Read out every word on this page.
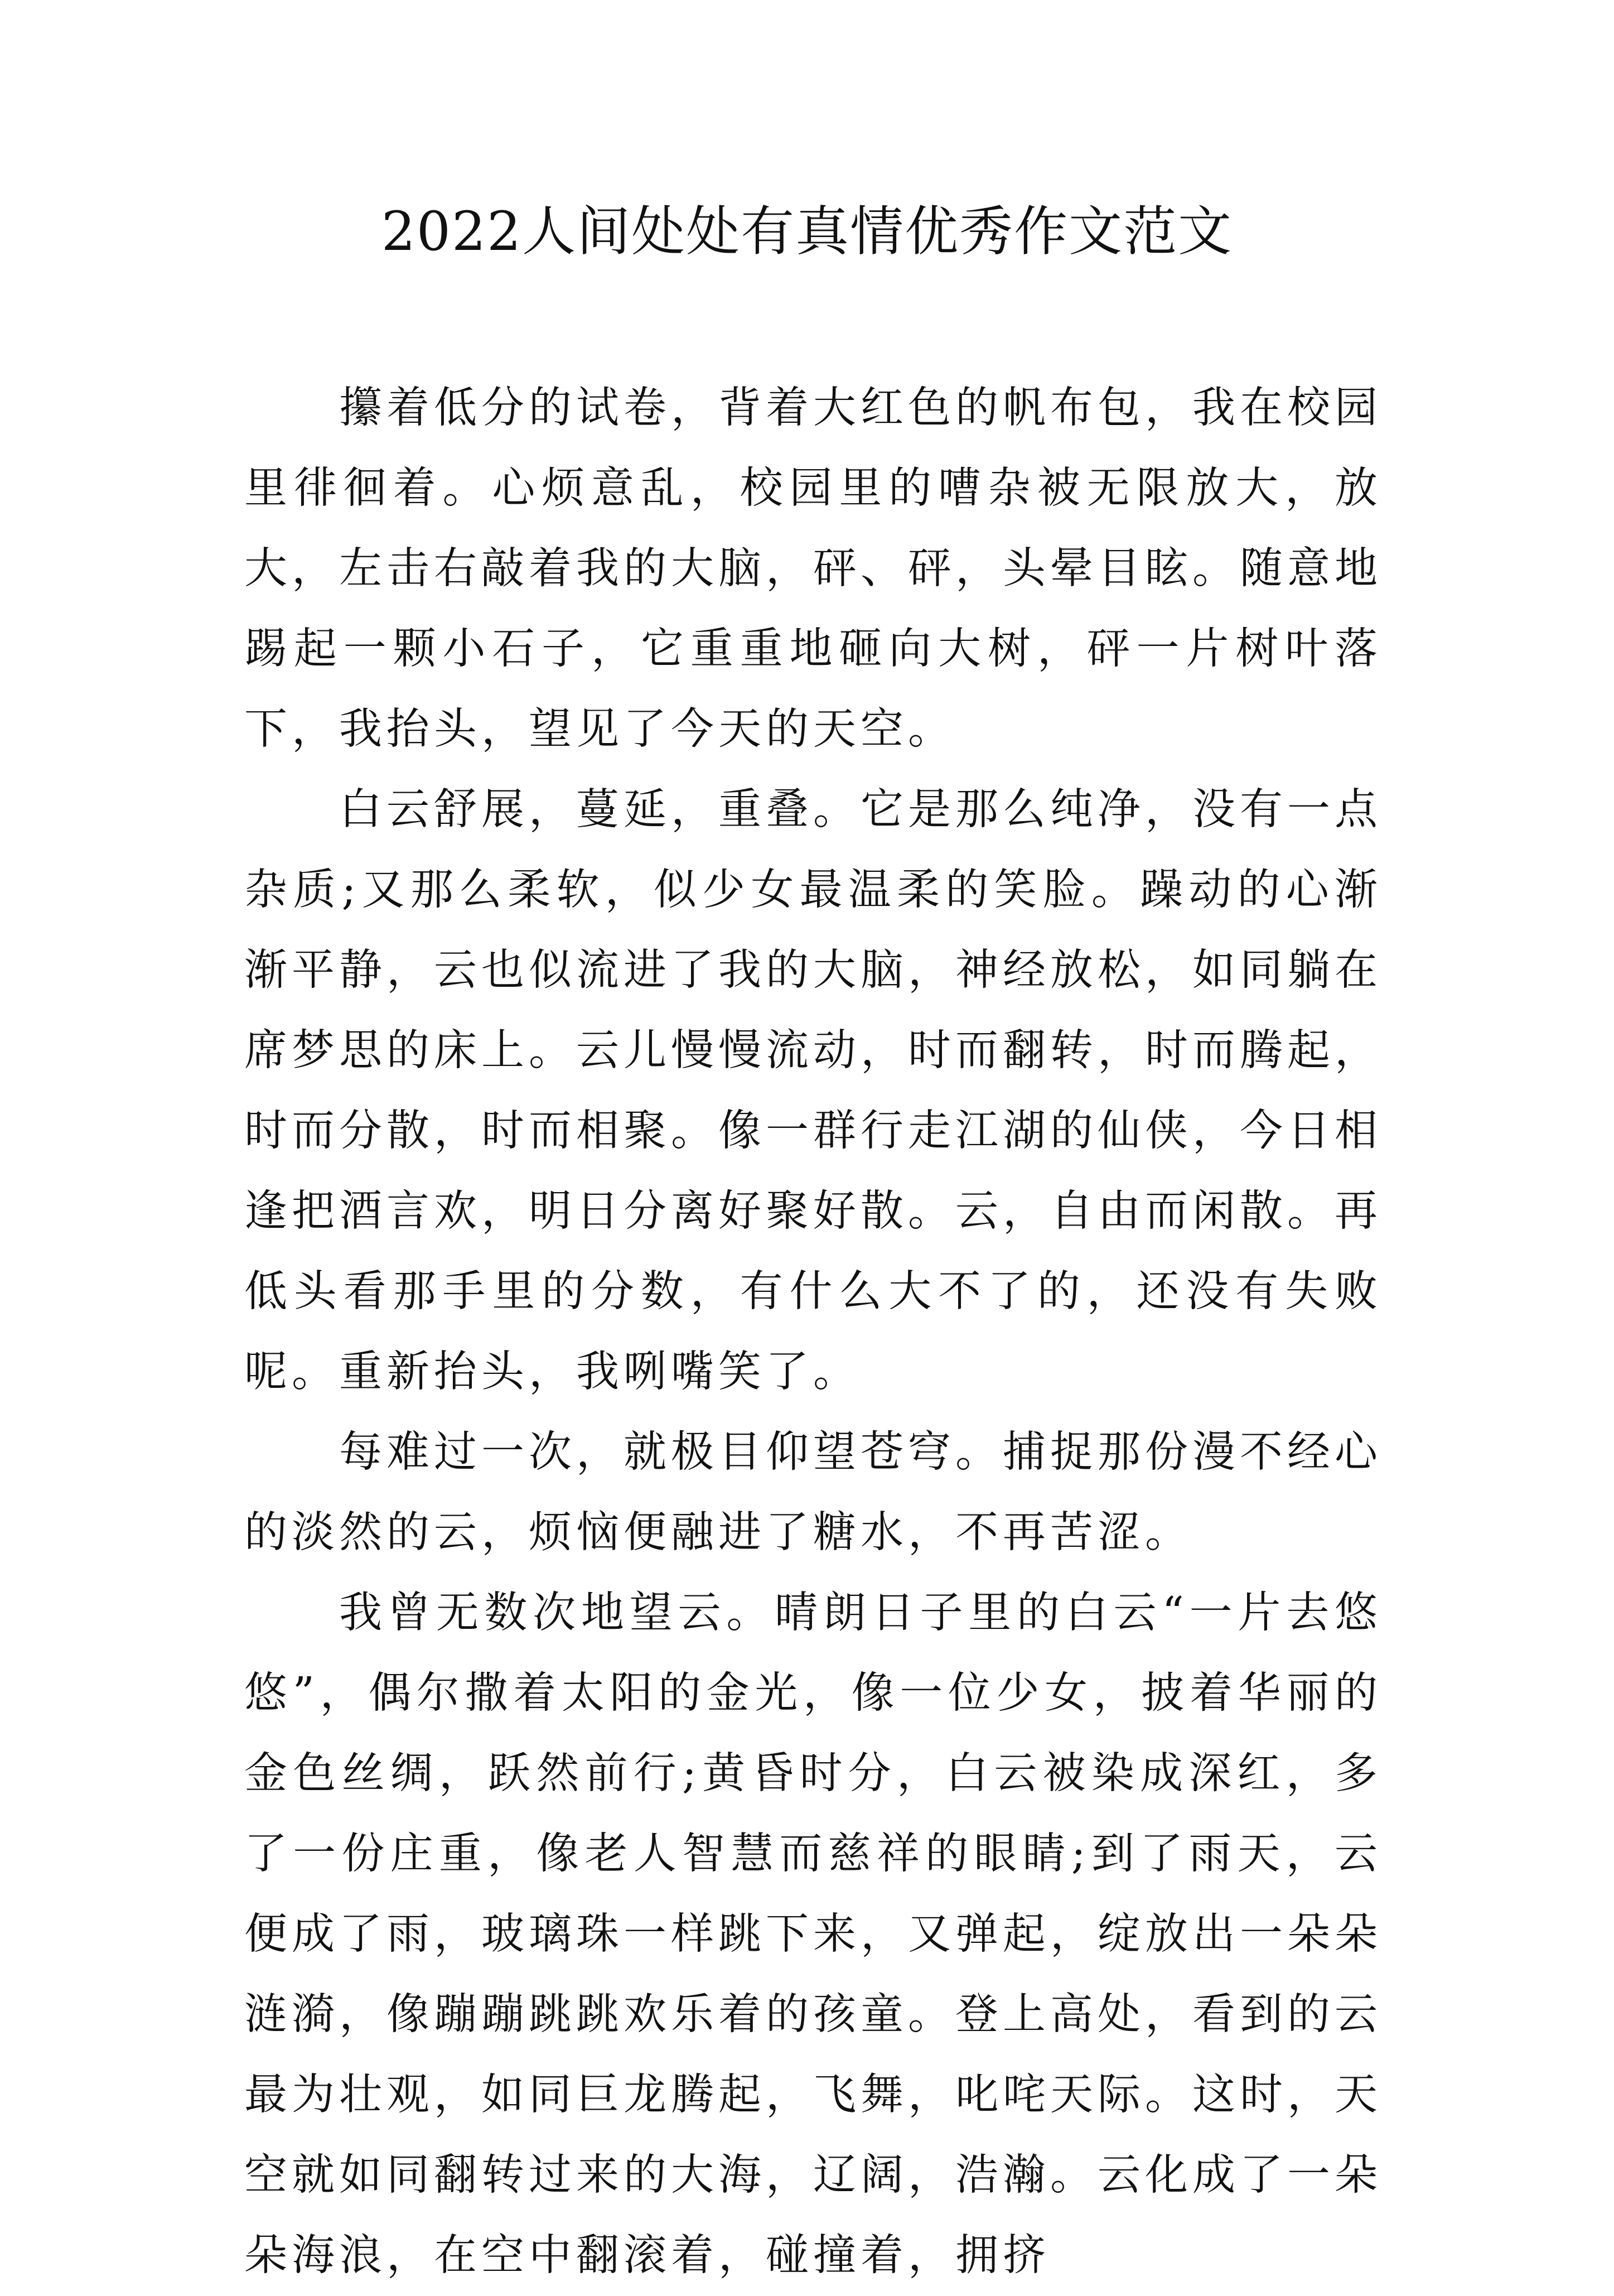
2022人间处处有真情优秀作文范文

攥着低分的试卷，背着大红色的帆布包，我在校园里徘徊着。心烦意乱，校园里的嘈杂被无限放大，放大，左击右敲着我的大脑，砰、砰，头晕目眩。随意地踢起一颗小石子，它重重地砸向大树，砰一片树叶落下，我抬头，望见了今天的天空。

白云舒展，蔓延，重叠。它是那么纯净，没有一点杂质;又那么柔软，似少女最温柔的笑脸。躁动的心渐渐平静，云也似流进了我的大脑，神经放松，如同躺在席梦思的床上。云儿慢慢流动，时而翻转，时而腾起，时而分散，时而相聚。像一群行走江湖的仙侠，今日相逢把酒言欢，明日分离好聚好散。云，自由而闲散。再低头看那手里的分数，有什么大不了的，还没有失败呢。重新抬头，我咧嘴笑了。

每难过一次，就极目仰望苍穹。捕捉那份漫不经心的淡然的云，烦恼便融进了糖水，不再苦涩。

我曾无数次地望云。晴朗日子里的白云“一片去悠悠”，偶尔撒着太阳的金光，像一位少女，披着华丽的金色丝绸，跃然前行;黄昏时分，白云被染成深红，多了一份庄重，像老人智慧而慈祥的眼睛;到了雨天，云便成了雨，玻璃珠一样跳下来，又弹起，绽放出一朵朵涟漪，像蹦蹦跳跳欢乐着的孩童。登上高处，看到的云最为壮观，如同巨龙腾起，飞舞，叱咤天际。这时，天空就如同翻转过来的大海，辽阔，浩瀚。云化成了一朵朵海浪，在空中翻滚着，碰撞着，拥挤
